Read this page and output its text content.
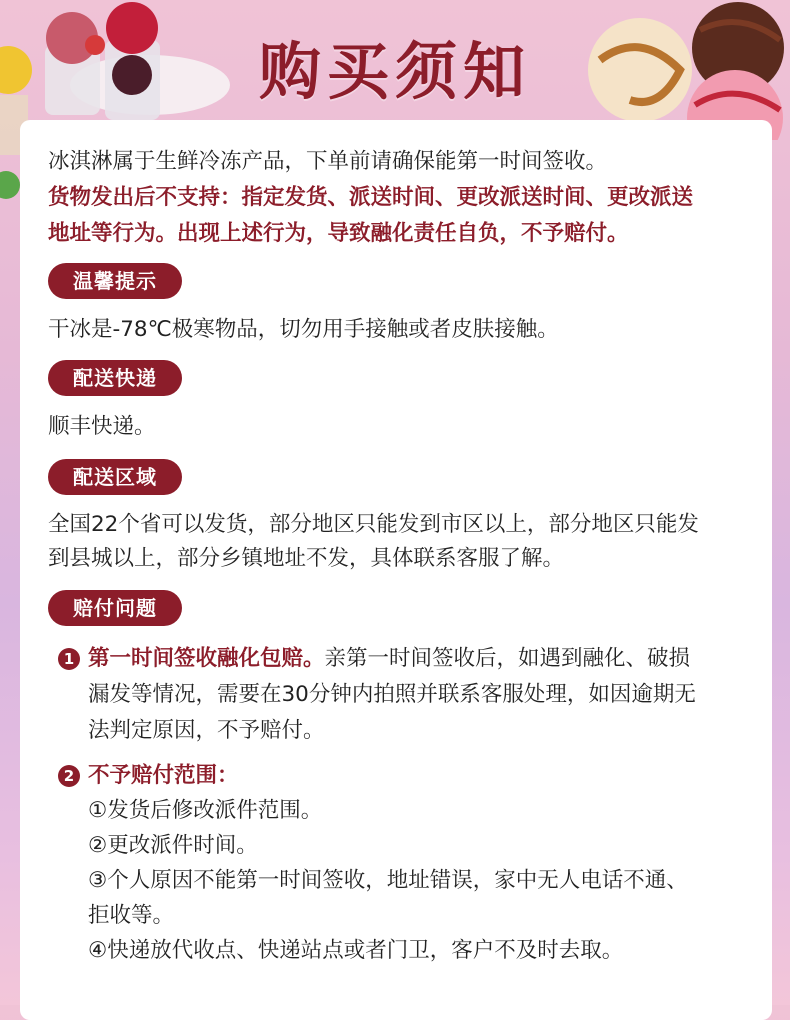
购买须知
冰淇淋属于生鲜冷冻产品，下单前请确保能第一时间签收。
货物发出后不支持：指定发货、派送时间、更改派送时间、更改派送
地址等行为。出现上述行为，导致融化责任自负，不予赔付。
温馨提示
干冰是-78℃极寒物品，切勿用手接触或者皮肤接触。
配送快递
顺丰快递。
配送区域
全国22个省可以发货，部分地区只能发到市区以上，部分地区只能发
到县城以上，部分乡镇地址不发，具体联系客服了解。
赔付问题
1 第一时间签收融化包赔。亲第一时间签收后，如遇到融化、破损
漏发等情况，需要在30分钟内拍照并联系客服处理，如因逾期无
法判定原因，不予赔付。
2 不予赔付范围：
①发货后修改派件范围。
②更改派件时间。
③个人原因不能第一时间签收，地址错误，家中无人电话不通、
拒收等。
④快递放代收点、快递站点或者门卫，客户不及时去取。
